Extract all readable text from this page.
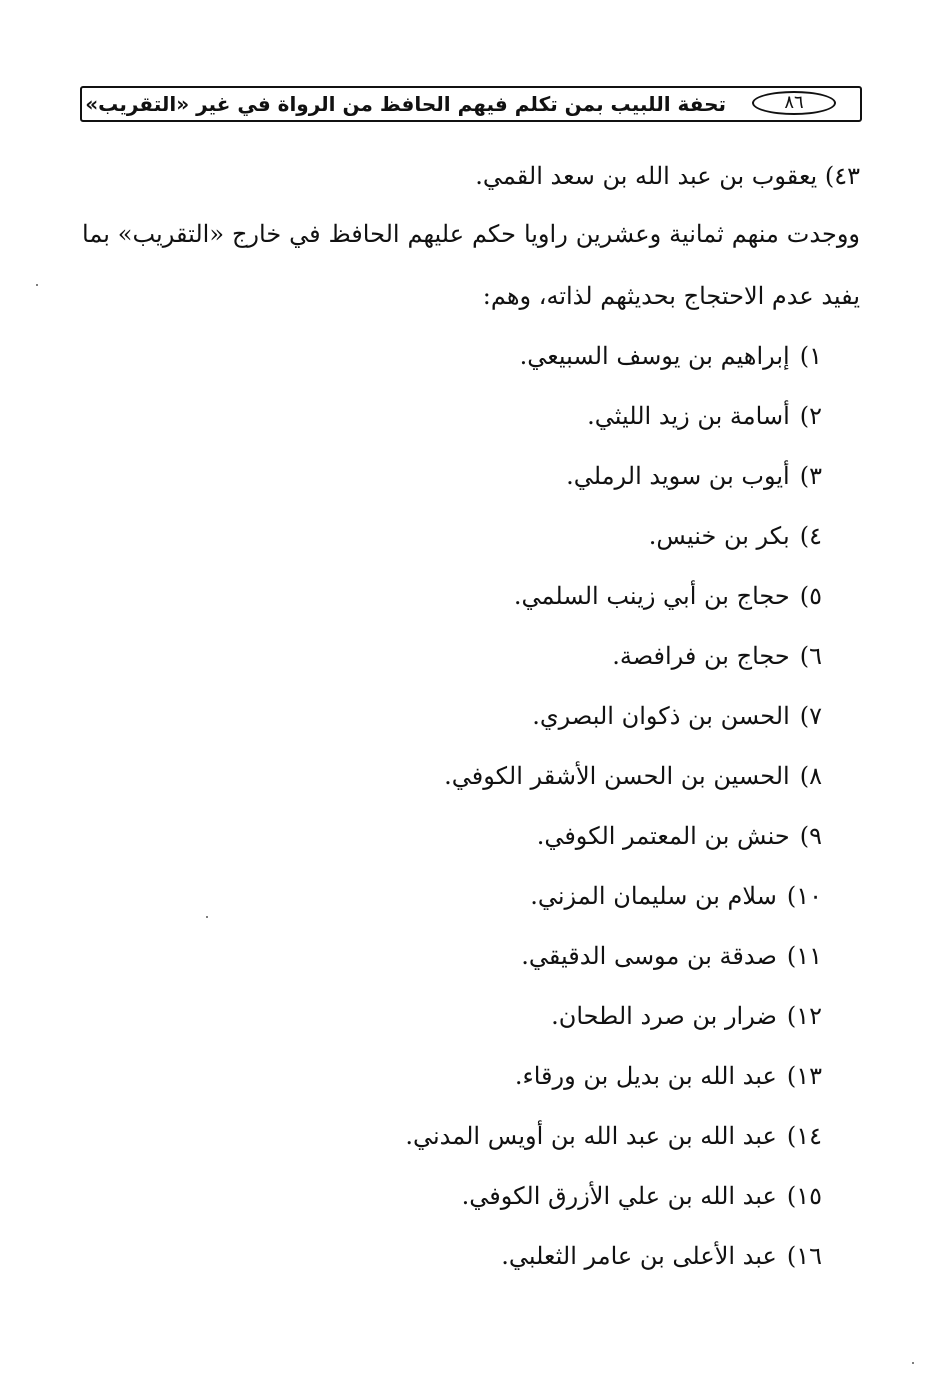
٨٦
تحفة اللبيب بمن تكلم فيهم الحافظ من الرواة في غير «التقريب»
٤٣) يعقوب بن عبد الله بن سعد القمي.
ووجدت منهم ثمانية وعشرين راويا حكم عليهم الحافظ في خارج «التقريب» بما
يفيد عدم الاحتجاج بحديثهم لذاته، وهم:
١)إبراهيم بن يوسف السبيعي.
٢)أسامة بن زيد الليثي.
٣)أيوب بن سويد الرملي.
٤)بكر بن خنيس.
٥)حجاج بن أبي زينب السلمي.
٦)حجاج بن فرافصة.
٧)الحسن بن ذكوان البصري.
٨)الحسين بن الحسن الأشقر الكوفي.
٩)حنش بن المعتمر الكوفي.
١٠)سلام بن سليمان المزني.
١١)صدقة بن موسى الدقيقي.
١٢)ضرار بن صرد الطحان.
١٣)عبد الله بن بديل بن ورقاء.
١٤)عبد الله بن عبد الله بن أويس المدني.
١٥)عبد الله بن علي الأزرق الكوفي.
١٦)عبد الأعلى بن عامر الثعلبي.
